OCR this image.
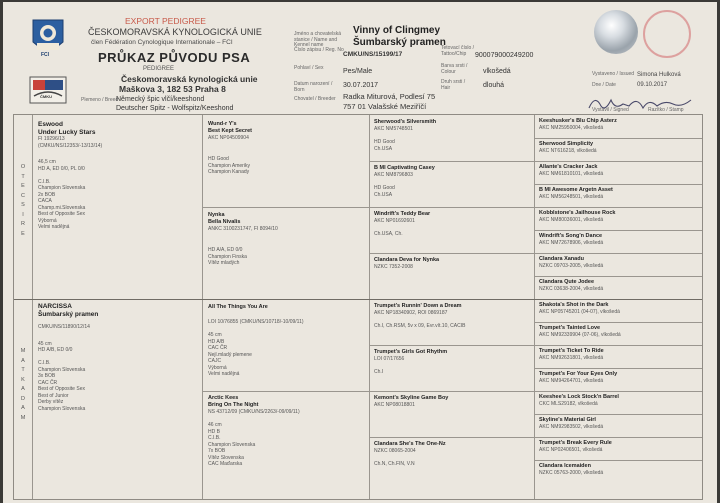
FCI
ČMKU
EXPORT PEDIGREE
ČESKOMORAVSKÁ KYNOLOGICKÁ UNIE
člen Fédération Cynologique Internationale – FCI
PRŮKAZ PŮVODU PSA
PEDIGREE
Českomoravská kynologická unie
Maškova 3, 182 53 Praha 8
Plemeno / Breed
Německý špic vlčí/keeshond
Deutscher Spitz - Wolfspitz/Keeshond
Jméno a chovatelská stanice / Name and Kennel name
Číslo zápisu / Reg. No
Pohlaví / Sex
Datum narození / Born
Chovatel / Breeder
Vinny of Clingmey
Šumbarský pramen
CMKU/NS/15199/17
Pes/Male
30.07.2017
Radka Miturová, Podlesí 75
757 01 Valašské Meziříčí
Tetovací číslo / Tattoo/Chip
Barva srsti / Colour
Druh srsti / Hair
900079000249200
vlkošedá
dlouhá
Vystaveno / Issued
Dne / Date	09.10.2017
Vystavil / Signed
Simona Hulková
Razítko / Stamp
O
T
E
C
S
I
R
E
M
A
T
K
A
D
A
M
Eswood
Under Lucky Stars
FI 19296/13
(CMKU/NS/12353/-13/13/14)
46,5 cm
HD A, ED 0/0, PL 0/0
C.I.B.
Champion Slovenska
2x BOB
CACA
Champ.mi.Slovenska
Best of Opposite Sex
Výborná
Velmi nadějná
NARCISSA
Šumbarský pramen
CMKU/NS/11890/12/14
45 cm
HD A/B, ED 0/0
C.I.B.
Champion Slovenska
3x BOB
CAC ČR
Best of Opposite Sex
Best of Junior
Derby vítěz
Champion Slovenska
Wund-r Y's
Best Kept Secret
AKC NP04509904
HD Good
Champion Ameriky
Champion Kanady
Nynka
Bella Nivalis
ANKC 3100231747, FI 8094/10
HD A/A, ED 0/0
Champion Finska
Vítěz mladých
All The Things You Are
LOI 10/76855 (CMKU/NS/10718/-10/09/11)
45 cm
HD A/B
CAC ČR
Nejl.mladý plemene
CAJC
Výborná
Velmi nadějná
Arctic Kees
Bring On The Night
NS 43712/09 (CMKU/NS/2263/-09/09/11)
46 cm
HD B
C.I.B.
Champion Slovenska
7x BOB
Vítěz Slovenska
CAC Maďarska
Sherwood's Silversmith
AKC NM5748501
HD Good
Ch.USA
B MI Captivating Casey
AKC NM8796803
HD Good
Ch.USA
Windrift's Teddy Bear
AKC NP01692601
Ch.USA, Ch.
Clandara Deva for Nynka
NZKC 7352-2008
Trumpet's Runnin' Down a Dream
AKC NP18340902, ROI 0869187
Ch.I, Ch.RSM, 5v x 09, Evr.vít.10, CACIB
Trumpet's Girls Got Rhythm
LOI 07/17656
Ch.I
Kemont's Skyline Game Boy
AKC NP08018801
Clandara She's The One-Nz
NZKC 08065-2004
Ch.N, Ch.FIN, V.N
Keeshusker's Blu Chip Asterz
AKC NM25950004, vlkošedá
Sherwood Simplicity
AKC NT616218, vlkošedá
Allante's Cracker Jack
AKC NM61810101, vlkošedá
B MI Awesome Argetn Asset
AKC NM56248501, vlkošedá
Kobblstone's Jailhouse Rock
AKC NM80036001, vlkošedá
Windrift's Song'n Dance
AKC NM72678906, vlkošedá
Clandara Xanadu
NZKC 09703-2005, vlkošedá
Clandara Qute Jodee
NZKC 03638-2004, vlkošedá
Shakota's Shot in the Dark
AKC NP05745201 (04-07), vlkošedá
Trumpet's Tainted Love
AKC NM92339904 (07-06), vlkošedá
Trumpet's Ticket To Ride
AKC NM92631801, vlkošedá
Trumpet's For Your Eyes Only
AKC NM94264701, vlkošedá
Keeshee's Lock Stock'n Barrel
CKC MLS29182, vlkošedá
Skyline's Material Girl
AKC NM92983502, vlkošedá
Trumpet's Break Every Rule
AKC NP02406501, vlkošedá
Clandara Icemaiden
NZKC 05763-2000, vlkošedá
